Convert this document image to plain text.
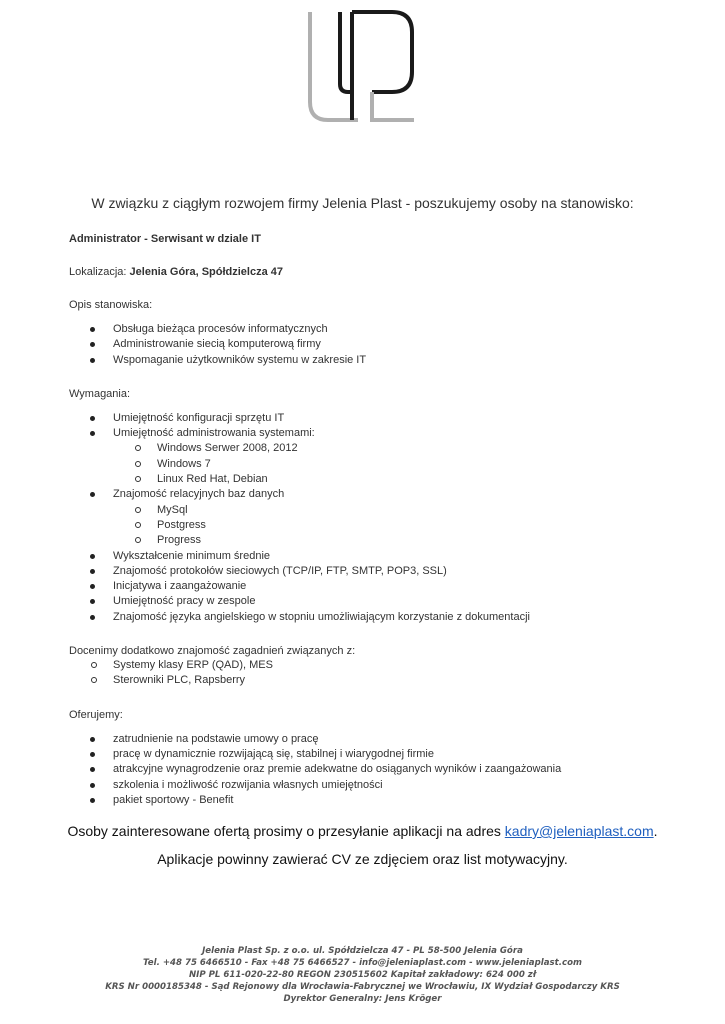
W związku z ciągłym rozwojem firmy Jelenia Plast - poszukujemy osoby na stanowisko:

Administrator - Serwisant w dziale IT

Lokalizacja: Jelenia Góra, Spółdzielcza 47

Opis stanowiska:

Obsługa bieżąca procesów informatycznych
Administrowanie siecią komputerową firmy
Wspomaganie użytkowników systemu w zakresie IT

Wymagania:

Umiejętność konfiguracji sprzętu IT
Umiejętność administrowania systemami:
Windows Serwer 2008, 2012
Windows 7
Linux Red Hat, Debian
Znajomość relacyjnych baz danych
MySql
Postgress
Progress
Wykształcenie minimum średnie
Znajomość protokołów sieciowych (TCP/IP, FTP, SMTP, POP3, SSL)
Inicjatywa i zaangażowanie
Umiejętność pracy w zespole
Znajomość języka angielskiego w stopniu umożliwiającym korzystanie z dokumentacji

Docenimy dodatkowo znajomość zagadnień związanych z:

Systemy klasy ERP (QAD), MES
Sterowniki PLC, Rapsberry

Oferujemy:

zatrudnienie na podstawie umowy o pracę
pracę w dynamicznie rozwijającą się, stabilnej i wiarygodnej firmie
atrakcyjne wynagrodzenie oraz premie adekwatne do osiąganych wyników i zaangażowania
szkolenia i możliwość rozwijania własnych umiejętności
pakiet sportowy - Benefit
Osoby zainteresowane ofertą prosimy o przesyłanie aplikacji na adres kadry@jeleniaplast.com.
Aplikacje powinny zawierać CV ze zdjęciem oraz list motywacyjny.
Jelenia Plast Sp. z o.o. ul. Spółdzielcza 47 - PL 58-500 Jelenia Góra
Tel. +48 75 6466510 - Fax +48 75 6466527 - info@jeleniaplast.com - www.jeleniaplast.com
NIP PL 611-020-22-80 REGON 230515602 Kapitał zakładowy: 624 000 zł
KRS Nr 0000185348 - Sąd Rejonowy dla Wrocławia-Fabrycznej we Wrocławiu, IX Wydział Gospodarczy KRS
Dyrektor Generalny: Jens Kröger
